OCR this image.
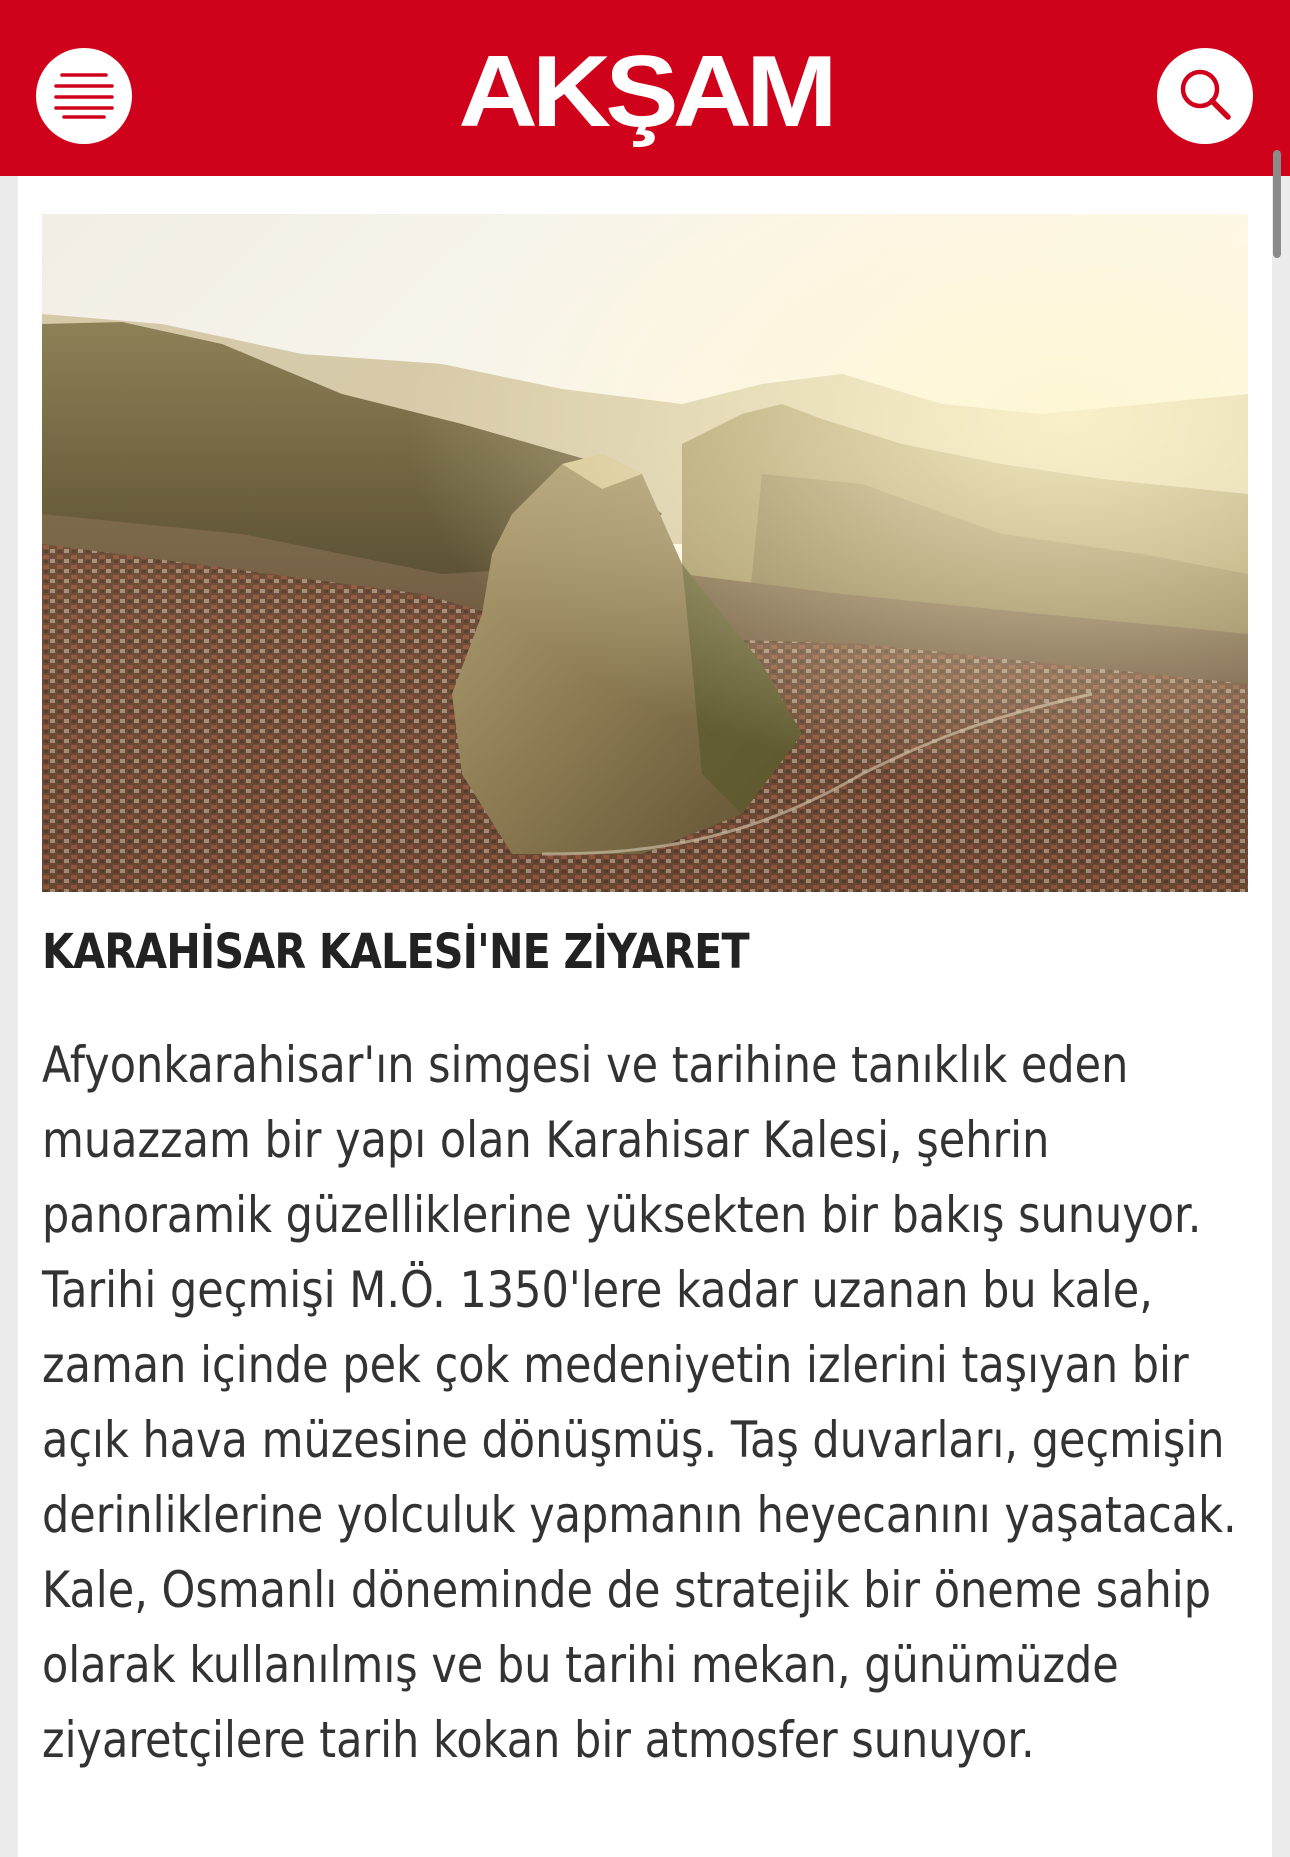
AKŞAM
KARAHİSAR KALESİ'NE ZİYARET

Afyonkarahisar'ın simgesi ve tarihine tanıklık eden muazzam bir yapı olan Karahisar Kalesi, şehrin panoramik güzelliklerine yüksekten bir bakış sunuyor. Tarihi geçmişi M.Ö. 1350'lere kadar uzanan bu kale, zaman içinde pek çok medeniyetin izlerini taşıyan bir açık hava müzesine dönüşmüş. Taş duvarları, geçmişin derinliklerine yolculuk yapmanın heyecanını yaşatacak. Kale, Osmanlı döneminde de stratejik bir öneme sahip olarak kullanılmış ve bu tarihi mekan, günümüzde ziyaretçilere tarih kokan bir atmosfer sunuyor.
